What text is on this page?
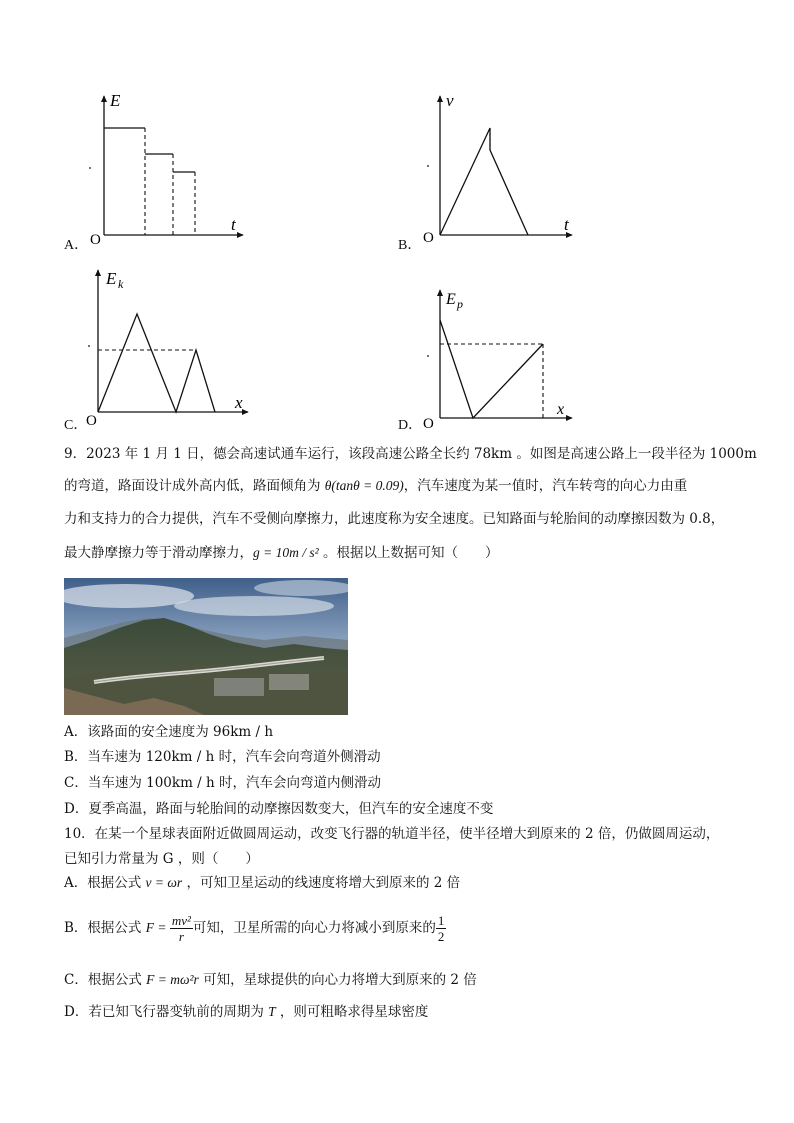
E
t
O
A．
v
t
O
B．
E k
x
O
C．
E p
x
O
D．
9．2023 年 1 月 1 日，德会高速试通车运行，该段高速公路全长约 78km 。如图是高速公路上一段半径为 1000m
的弯道，路面设计成外高内低，路面倾角为 θ(tanθ = 0.09)，汽车速度为某一值时，汽车转弯的向心力由重
力和支持力的合力提供，汽车不受侧向摩擦力，此速度称为安全速度。已知路面与轮胎间的动摩擦因数为 0.8，
最大静摩擦力等于滑动摩擦力，g = 10m / s² 。根据以上数据可知（　　）
A．该路面的安全速度为 96km / h
B．当车速为 120km / h 时，汽车会向弯道外侧滑动
C．当车速为 100km / h 时，汽车会向弯道内侧滑动
D．夏季高温，路面与轮胎间的动摩擦因数变大，但汽车的安全速度不变
10．在某一个星球表面附近做圆周运动，改变飞行器的轨道半径，使半径增大到原来的 2 倍，仍做圆周运动，
已知引力常量为 G ，则（　　）
A．根据公式 v = ωr ，可知卫星运动的线速度将增大到原来的 2 倍
B．根据公式 $F = \frac{\text{mv²}}{r}$ 可知，卫星所需的向心力将减小到原来的 $\frac{1}{2}$
C．根据公式 F = mω²r 可知，星球提供的向心力将增大到原来的 2 倍
D．若已知飞行器变轨前的周期为 T ，则可粗略求得星球密度
